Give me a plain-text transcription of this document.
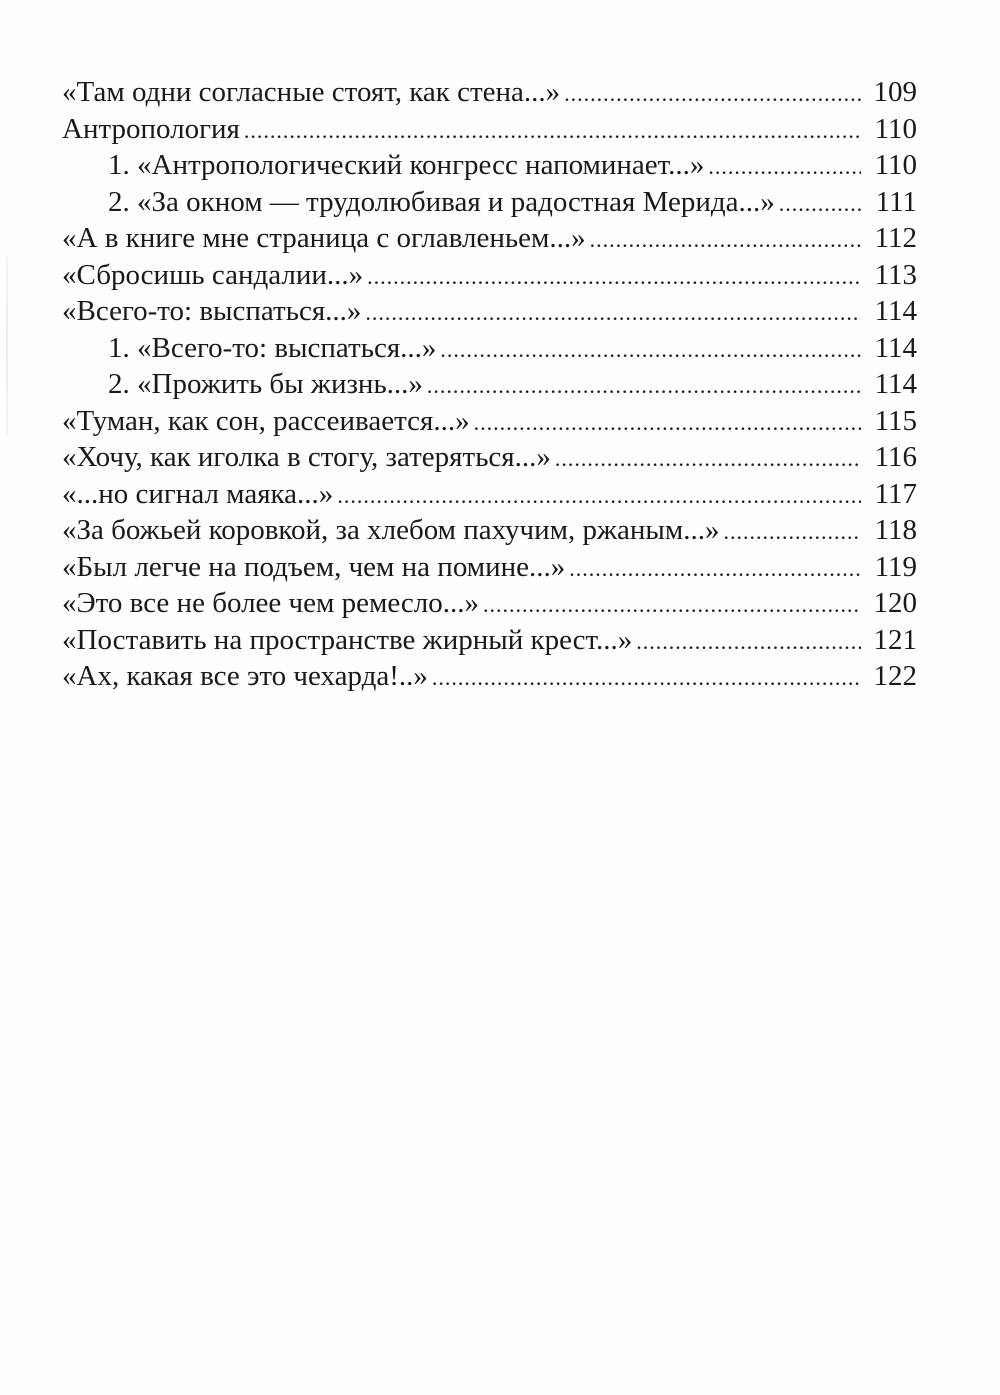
«Там одни согласные стоят, как стена...» .....	109
Антропология .....	110
1. «Антропологический конгресс напоминает...» .....	110
2. «За окном — трудолюбивая и радостная Мерида...» .....	111
«А в книге мне страница с оглавленьем...» .....	112
«Сбросишь сандалии...» .....	113
«Всего-то: выспаться...» .....	114
1. «Всего-то: выспаться...» .....	114
2. «Прожить бы жизнь...» .....	114
«Туман, как сон, рассеивается...» .....	115
«Хочу, как иголка в стогу, затеряться...» .....	116
«...но сигнал маяка...» .....	117
«За божьей коровкой, за хлебом пахучим, ржаным...» .....	118
«Был легче на подъем, чем на помине...» .....	119
«Это все не более чем ремесло...» .....	120
«Поставить на пространстве жирный крест...» .....	121
«Ах, какая все это чехарда!..» .....	122
